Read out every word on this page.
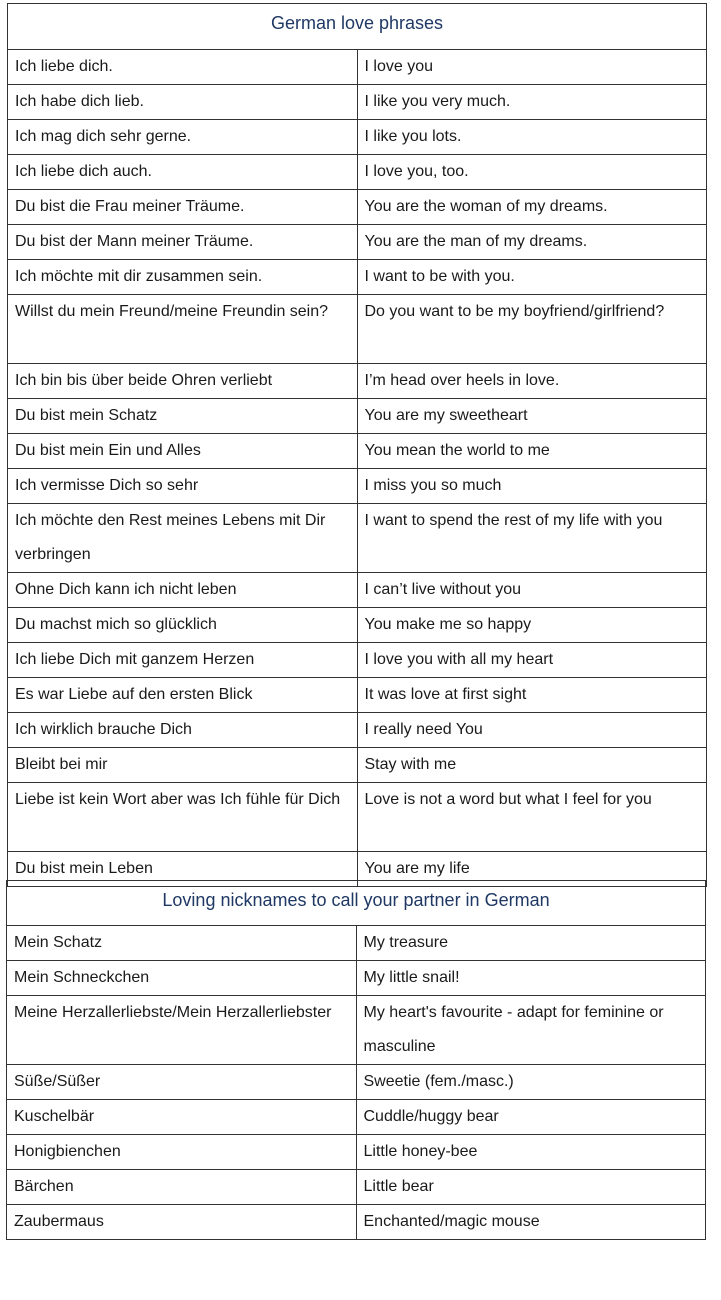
German love phrases	
Ich liebe dich.	I love you
Ich habe dich lieb.	I like you very much.
Ich mag dich sehr gerne.	I like you lots.
Ich liebe dich auch.	I love you, too.
Du bist die Frau meiner Träume.	You are the woman of my dreams.
Du bist der Mann meiner Träume.	You are the man of my dreams.
Ich möchte mit dir zusammen sein.	I want to be with you.
Willst du mein Freund/meine Freundin sein?	Do you want to be my boyfriend/girlfriend?
Ich bin bis über beide Ohren verliebt	I’m head over heels in love.
Du bist mein Schatz	You are my sweetheart
Du bist mein Ein und Alles	You mean the world to me
Ich vermisse Dich so sehr	I miss you so much
Ich möchte den Rest meines Lebens mit Dir verbringen	I want to spend the rest of my life with you
Ohne Dich kann ich nicht leben	I can’t live without you
Du machst mich so glücklich	You make me so happy
Ich liebe Dich mit ganzem Herzen	I love you with all my heart
Es war Liebe auf den ersten Blick	It was love at first sight
Ich wirklich brauche Dich	I really need You
Bleibt bei mir	Stay with me
Liebe ist kein Wort aber was Ich fühle für Dich	Love is not a word but what I feel for you
Du bist mein Leben	You are my life
Loving nicknames to call your partner in German	
Mein Schatz	My treasure
Mein Schneckchen	My little snail!
Meine Herzallerliebste/Mein Herzallerliebster	My heart's favourite - adapt for feminine or masculine
Süße/Süßer	Sweetie (fem./masc.)
Kuschelbär	Cuddle/huggy bear
Honigbienchen	Little honey-bee
Bärchen	Little bear
Zaubermaus	Enchanted/magic mouse
